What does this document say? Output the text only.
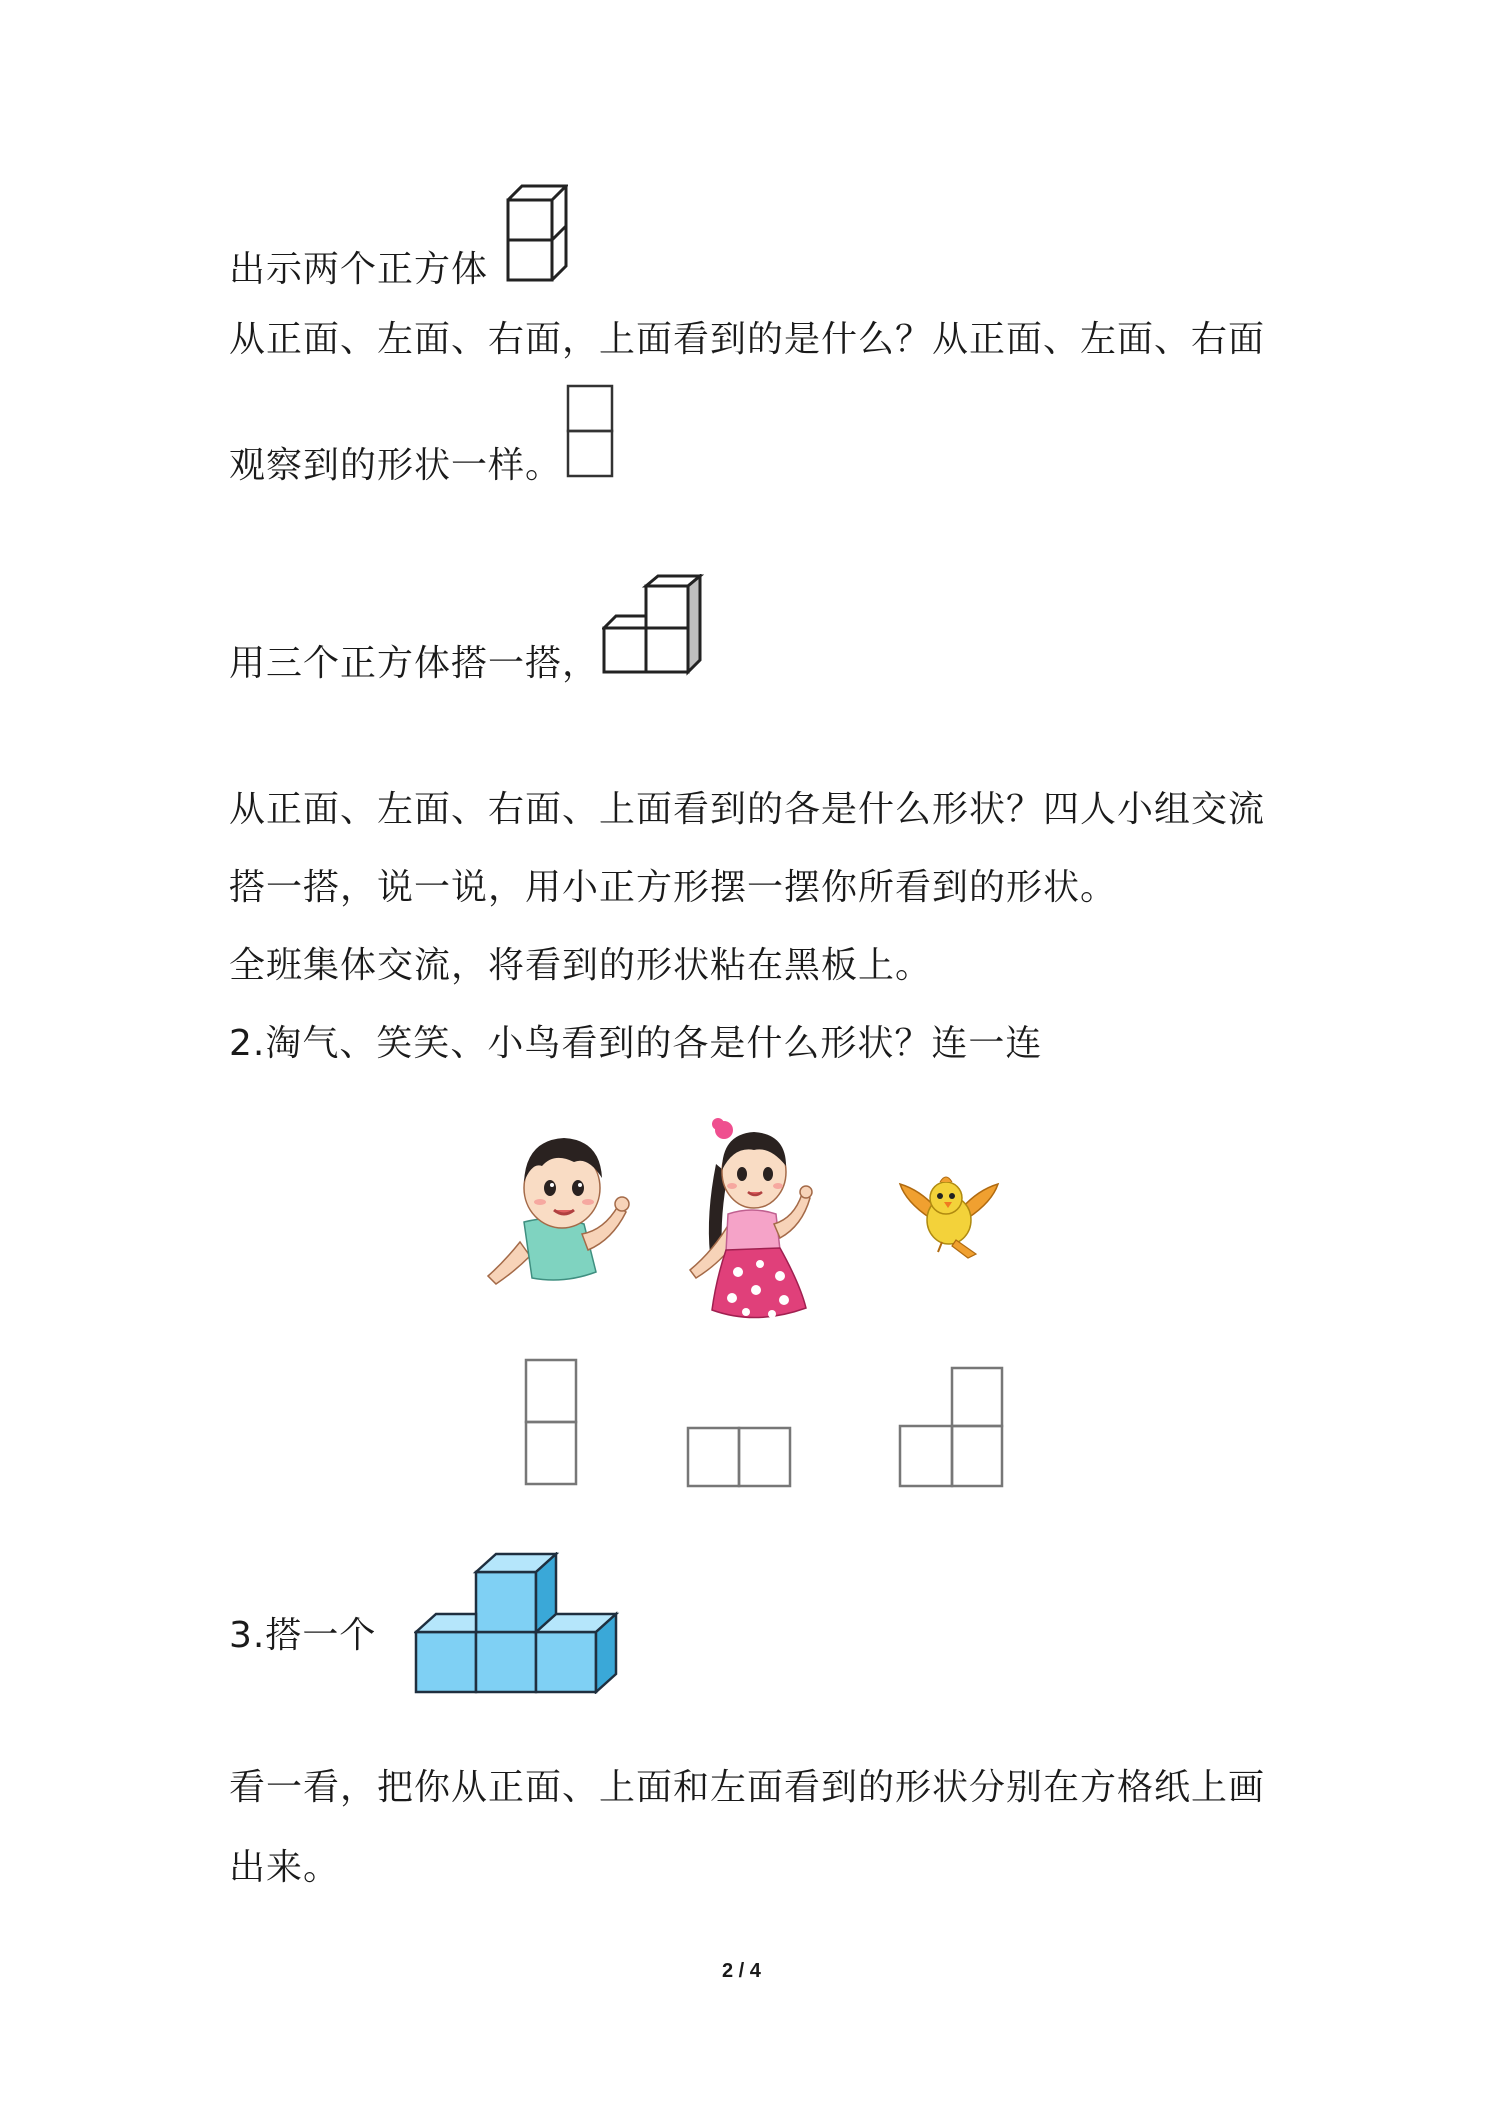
出示两个正方体
从正面、左面、右面，上面看到的是什么？从正面、左面、右面
观察到的形状一样。
用三个正方体搭一搭，
从正面、左面、右面、上面看到的各是什么形状？四人小组交流
搭一搭，说一说，用小正方形摆一摆你所看到的形状。
全班集体交流，将看到的形状粘在黑板上。
2.淘气、笑笑、小鸟看到的各是什么形状？连一连
3.搭一个
看一看，把你从正面、上面和左面看到的形状分别在方格纸上画
出来。
2 / 4
